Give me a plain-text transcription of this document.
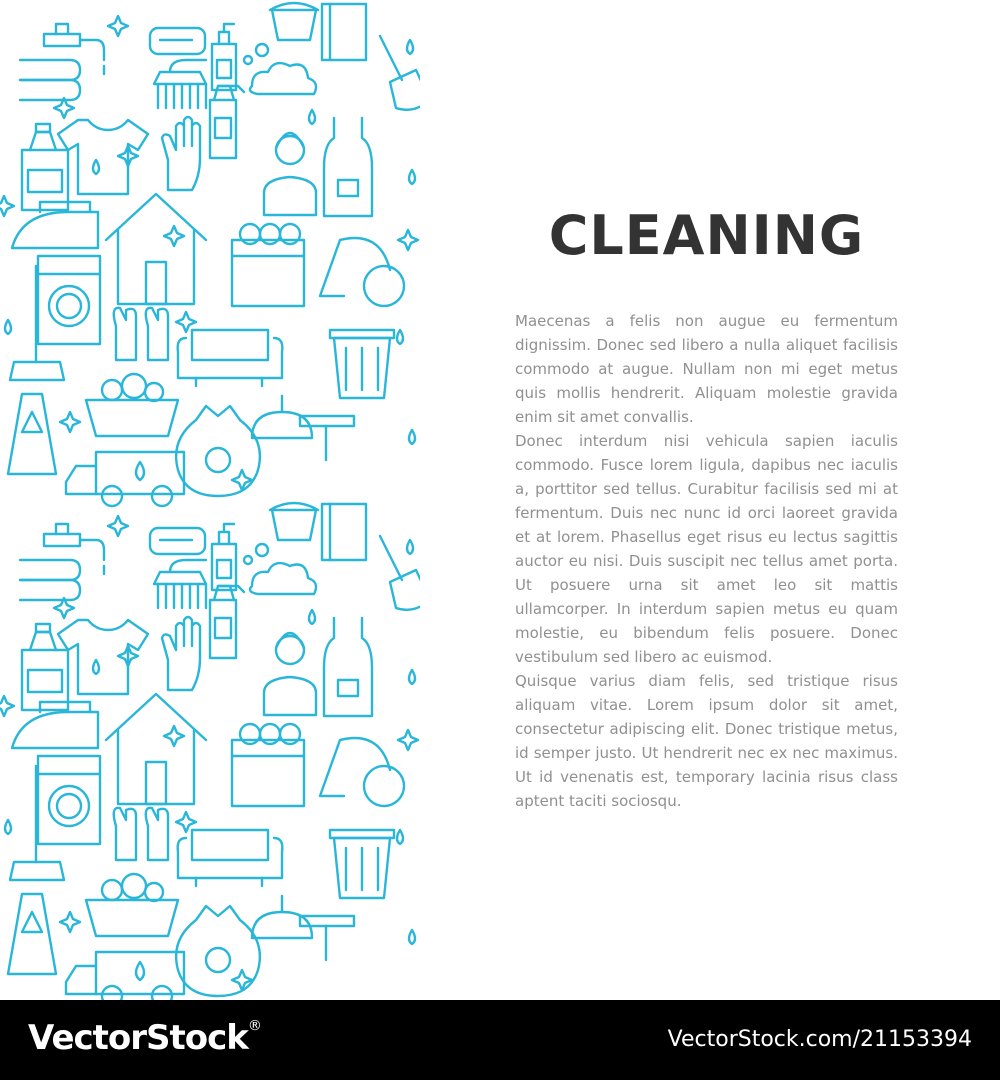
CLEANING

Maecenas a felis non augue eu fermentum dignissim. Donec sed libero a nulla aliquet facilisis commodo at augue. Nullam non mi eget metus quis mollis hendrerit. Aliquam molestie gravida enim sit amet convallis.

Donec interdum nisi vehicula sapien iaculis commodo. Fusce lorem ligula, dapibus nec iaculis a, porttitor sed tellus. Curabitur facilisis sed mi at fermentum. Duis nec nunc id orci laoreet gravida et at lorem. Phasellus eget risus eu lectus sagittis auctor eu nisi. Duis suscipit nec tellus amet porta. Ut posuere urna sit amet leo sit mattis ullamcorper. In interdum sapien metus eu quam molestie, eu bibendum felis posuere. Donec vestibulum sed libero ac euismod.

Quisque varius diam felis, sed tristique risus aliquam vitae. Lorem ipsum dolor sit amet, consectetur adipiscing elit. Donec tristique metus, id semper justo. Ut hendrerit nec ex nec maximus. Ut id venenatis est, temporary lacinia risus class aptent taciti sociosqu.

VectorStock®
VectorStock.com/21153394
